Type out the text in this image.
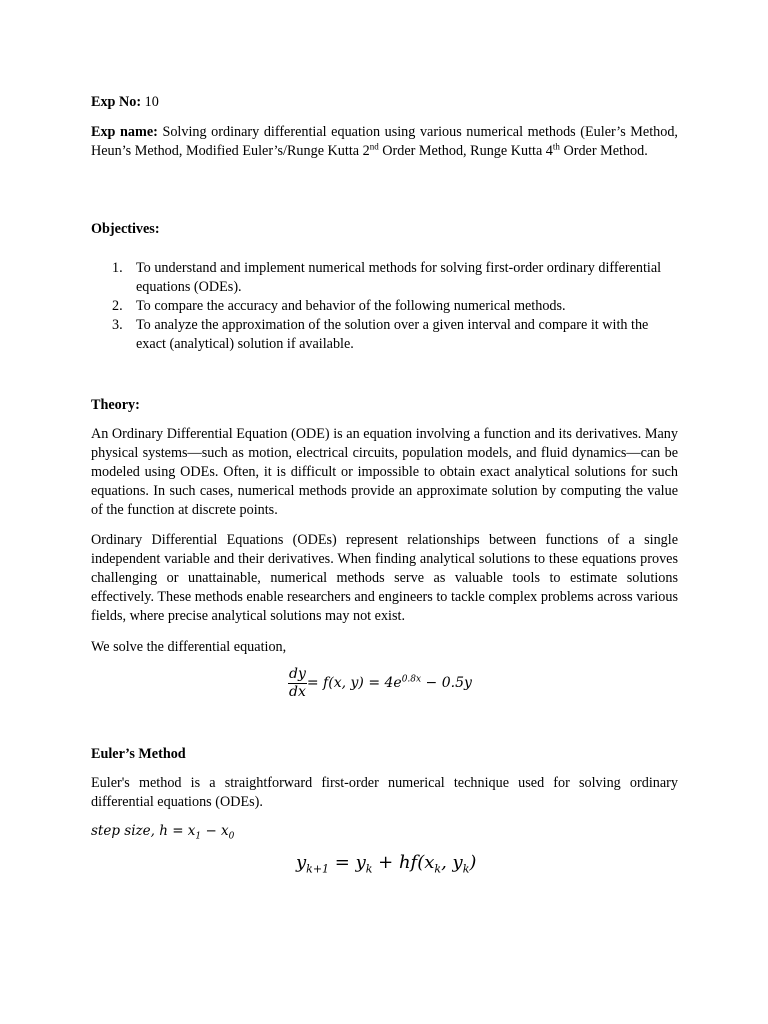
Exp No: 10
Exp name: Solving ordinary differential equation using various numerical methods (Euler’s Method, Heun’s Method, Modified Euler’s/Runge Kutta 2nd Order Method, Runge Kutta 4th Order Method.
Objectives:
1. To understand and implement numerical methods for solving first-order ordinary differential equations (ODEs).
2. To compare the accuracy and behavior of the following numerical methods.
3. To analyze the approximation of the solution over a given interval and compare it with the exact (analytical) solution if available.
Theory:
An Ordinary Differential Equation (ODE) is an equation involving a function and its derivatives. Many physical systems—such as motion, electrical circuits, population models, and fluid dynamics—can be modeled using ODEs. Often, it is difficult or impossible to obtain exact analytical solutions for such equations. In such cases, numerical methods provide an approximate solution by computing the value of the function at discrete points.
Ordinary Differential Equations (ODEs) represent relationships between functions of a single independent variable and their derivatives. When finding analytical solutions to these equations proves challenging or unattainable, numerical methods serve as valuable tools to estimate solutions effectively. These methods enable researchers and engineers to tackle complex problems across various fields, where precise analytical solutions may not exist.
We solve the differential equation,
$\frac{dy}{dx} = f(x$, $y) = 4e^{0.8x} - 0.5y$
Euler’s Method
Euler's method is a straightforward first-order numerical technique used for solving ordinary differential equations (ODEs).
step size, $h = x_1 - x_0$
$y_{k+1} = y_k + hf(x_k$, $y_k$)
